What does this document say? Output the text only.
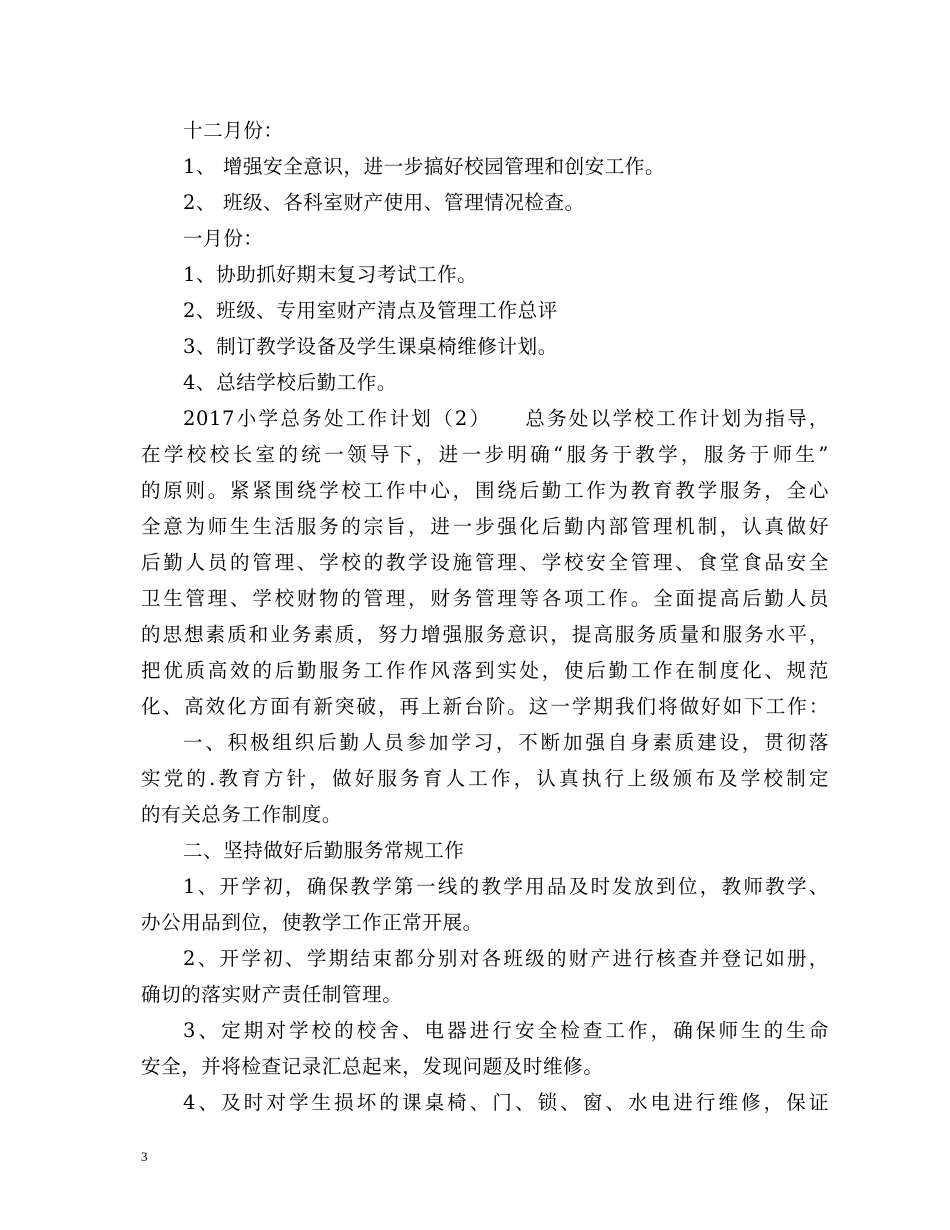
十二月份：
1、 增强安全意识，进一步搞好校园管理和创安工作。
2、 班级、各科室财产使用、管理情况检查。
一月份：
1、协助抓好期末复习考试工作。
2、班级、专用室财产清点及管理工作总评
3、制订教学设备及学生课桌椅维修计划。
4、总结学校后勤工作。
2017小学总务处工作计划（2）　　总务处以学校工作计划为指导，
在学校校长室的统一领导下，进一步明确“服务于教学，服务于师生”
的原则。紧紧围绕学校工作中心，围绕后勤工作为教育教学服务，全心
全意为师生生活服务的宗旨，进一步强化后勤内部管理机制，认真做好
后勤人员的管理、学校的教学设施管理、学校安全管理、食堂食品安全
卫生管理、学校财物的管理，财务管理等各项工作。全面提高后勤人员
的思想素质和业务素质，努力增强服务意识，提高服务质量和服务水平，
把优质高效的后勤服务工作作风落到实处，使后勤工作在制度化、规范
化、高效化方面有新突破，再上新台阶。这一学期我们将做好如下工作：
一、积极组织后勤人员参加学习，不断加强自身素质建设，贯彻落
实党的.教育方针，做好服务育人工作，认真执行上级颁布及学校制定
的有关总务工作制度。
二、坚持做好后勤服务常规工作
1、开学初，确保教学第一线的教学用品及时发放到位，教师教学、
办公用品到位，使教学工作正常开展。
2、开学初、学期结束都分别对各班级的财产进行核查并登记如册，
确切的落实财产责任制管理。
3、定期对学校的校舍、电器进行安全检查工作，确保师生的生命
安全，并将检查记录汇总起来，发现问题及时维修。
4、及时对学生损坏的课桌椅、门、锁、窗、水电进行维修，保证
3
